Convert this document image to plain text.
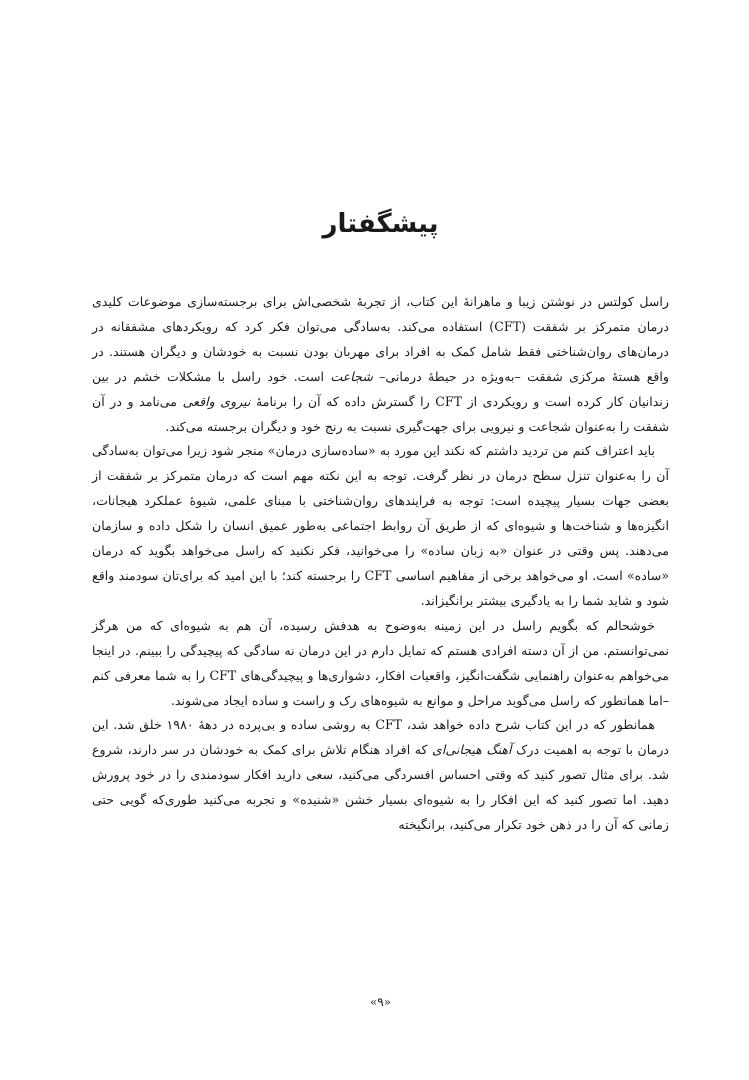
پیشگفتار

راسل کولتس در نوشتن زیبا و ماهرانهٔ این کتاب، از تجربهٔ شخصی‌اش برای برجسته‌سازی موضوعات کلیدی درمان متمرکز بر شفقت (CFT) استفاده می‌کند. به‌سادگی می‌توان فکر کرد که رویکردهای مشفقانه در درمان‌های روان‌شناختی فقط شامل کمک به افراد برای مهربان بودن نسبت به خودشان و دیگران هستند. در واقع هستهٔ مرکزی شفقت –به‌ویژه در حیطهٔ درمانی– شجاعت است. خود راسل با مشکلات خشم در بین زندانیان کار کرده است و رویکردی از CFT را گسترش داده که آن را برنامهٔ نیروی واقعی می‌نامد و در آن شفقت را به‌عنوان شجاعت و نیرویی برای جهت‌گیری نسبت به رنج خود و دیگران برجسته می‌کند.

باید اعتراف کنم من تردید داشتم که نکند این مورد به «ساده‌سازی درمان» منجر شود زیرا می‌توان به‌سادگی آن را به‌عنوان تنزل سطح درمان در نظر گرفت. توجه به این نکته مهم است که درمان متمرکز بر شفقت از بعضی جهات بسیار پیچیده است: توجه به فرایندهای روان‌شناختی با مبنای علمی، شیوهٔ عملکرد هیجانات، انگیزه‌ها و شناخت‌ها و شیوه‌ای که از طریق آن روابط اجتماعی به‌طور عمیق انسان را شکل داده و سازمان می‌دهند. پس وقتی در عنوان «به زبان ساده» را می‌خوانید، فکر نکنید که راسل می‌خواهد بگوید که درمان «ساده» است. او می‌خواهد برخی از مفاهیم اساسی CFT را برجسته کند؛ با این امید که برای‌تان سودمند واقع شود و شاید شما را به یادگیری بیشتر برانگیزاند.

خوشحالم که بگویم راسل در این زمینه به‌وضوح به هدفش رسیده، آن هم به شیوه‌ای که من هرگز نمی‌توانستم. من از آن دسته افرادی هستم که تمایل دارم در این درمان نه سادگی که پیچیدگی را ببینم. در اینجا می‌خواهم به‌عنوان راهنمایی شگفت‌انگیز، واقعیات افکار، دشواری‌ها و پیچیدگی‌های CFT را به شما معرفی کنم –اما همانطور که راسل می‌گوید مراحل و موانع به شیوه‌های رک و راست و ساده ایجاد می‌شوند.

همانطور که در این کتاب شرح داده خواهد شد، CFT به روشی ساده و بی‌پرده در دههٔ ۱۹۸۰ خلق شد. این درمان با توجه به اهمیت درک آهنگ هیجانی‌ای که افراد هنگام تلاش برای کمک به خودشان در سر دارند، شروع شد. برای مثال تصور کنید که وقتی احساس افسردگی می‌کنید، سعی دارید افکار سودمندی را در خود پرورش دهید. اما تصور کنید که این افکار را به شیوه‌ای بسیار خشن «شنیده» و تجربه می‌کنید طوری‌که گویی حتی زمانی که آن را در ذهن خود تکرار می‌کنید، برانگیخته

«۹»
